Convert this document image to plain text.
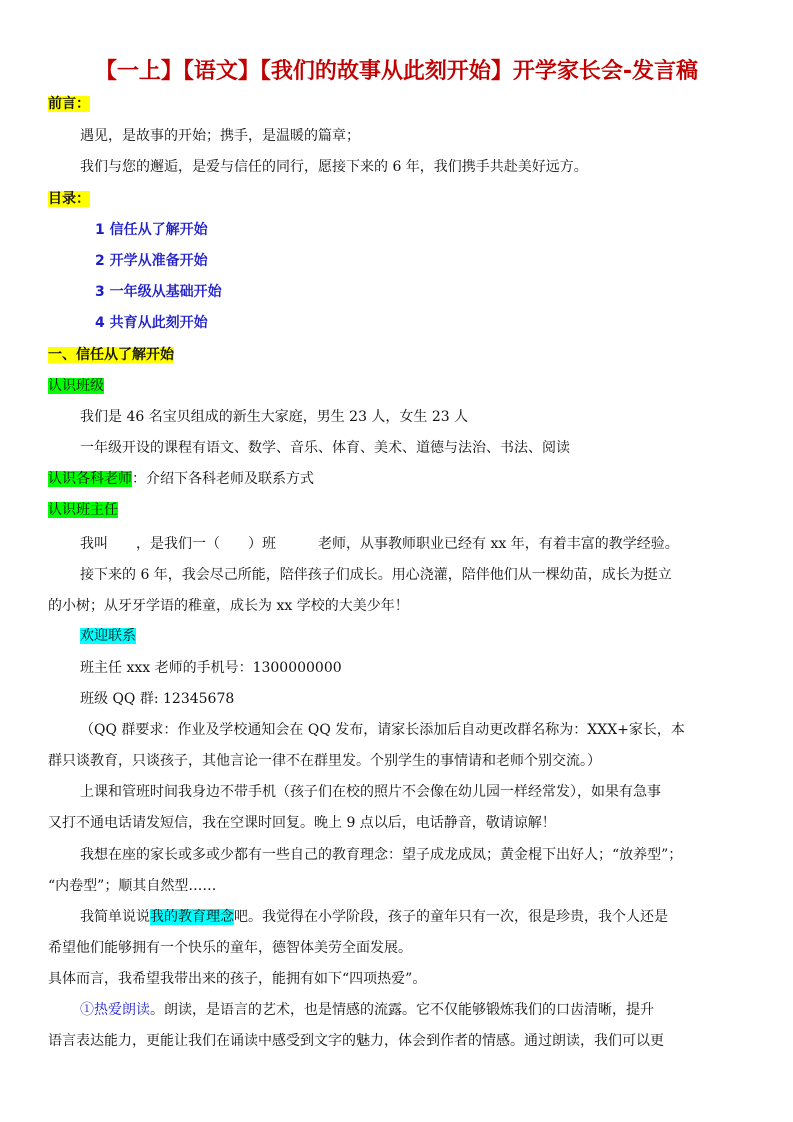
【一上】【语文】【我们的故事从此刻开始】开学家长会-发言稿
前言：
遇见，是故事的开始；携手，是温暖的篇章；
我们与您的邂逅，是爱与信任的同行，愿接下来的 6 年，我们携手共赴美好远方。
目录：
1 信任从了解开始
2 开学从准备开始
3 一年级从基础开始
4 共育从此刻开始
一、信任从了解开始
认识班级
我们是 46 名宝贝组成的新生大家庭，男生 23 人，女生 23 人
一年级开设的课程有语文、数学、音乐、体育、美术、道德与法治、书法、阅读
认识各科老师：介绍下各科老师及联系方式
认识班主任
我叫　　，是我们一（　　）班　　　老师，从事教师职业已经有 xx 年，有着丰富的教学经验。
接下来的 6 年，我会尽己所能，陪伴孩子们成长。用心浇灌，陪伴他们从一棵幼苗，成长为挺立
的小树；从牙牙学语的稚童，成长为 xx 学校的大美少年！
欢迎联系
班主任 xxx 老师的手机号：1300000000
班级 QQ 群: 12345678
（QQ 群要求：作业及学校通知会在 QQ 发布，请家长添加后自动更改群名称为：XXX+家长，本
群只谈教育，只谈孩子，其他言论一律不在群里发。个别学生的事情请和老师个别交流。）
上课和管班时间我身边不带手机（孩子们在校的照片不会像在幼儿园一样经常发），如果有急事
又打不通电话请发短信，我在空课时回复。晚上 9 点以后，电话静音，敬请谅解！
我想在座的家长或多或少都有一些自己的教育理念：望子成龙成凤；黄金棍下出好人；“放养型”；
“内卷型”；顺其自然型……
我简单说说我的教育理念吧。我觉得在小学阶段，孩子的童年只有一次，很是珍贵，我个人还是
希望他们能够拥有一个快乐的童年，德智体美劳全面发展。
具体而言，我希望我带出来的孩子，能拥有如下“四项热爱”。
①热爱朗读。朗读，是语言的艺术，也是情感的流露。它不仅能够锻炼我们的口齿清晰，提升
语言表达能力，更能让我们在诵读中感受到文字的魅力，体会到作者的情感。通过朗读，我们可以更
